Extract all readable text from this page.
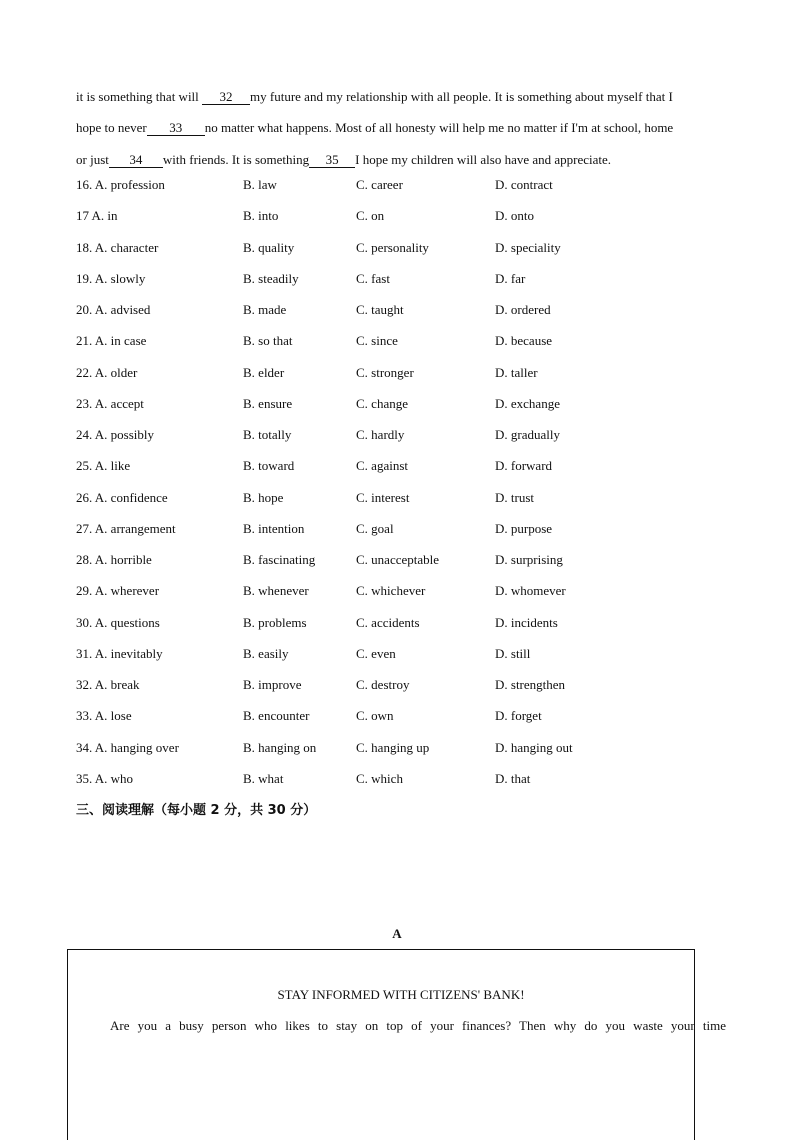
it is something that will 32 my future and my relationship with all people. It is something about myself that I

hope to never 33 no matter what happens. Most of all honesty will help me no matter if I'm at school, home

or just 34 with friends. It is something 35 I hope my children will also have and appreciate.

16. A. profession	B. law	C. career	D. contract
17 A. in	B. into	C. on	D. onto
18. A. character	B. quality	C. personality	D. speciality
19. A. slowly	B. steadily	C. fast	D. far
20. A. advised	B. made	C. taught	D. ordered
21. A. in case	B. so that	C. since	D. because
22. A. older	B. elder	C. stronger	D. taller
23. A. accept	B. ensure	C. change	D. exchange
24. A. possibly	B. totally	C. hardly	D. gradually
25. A. like	B. toward	C. against	D. forward
26. A. confidence	B. hope	C. interest	D. trust
27. A. arrangement	B. intention	C. goal	D. purpose
28. A. horrible	B. fascinating	C. unacceptable	D. surprising
29. A. wherever	B. whenever	C. whichever	D. whomever
30. A. questions	B. problems	C. accidents	D. incidents
31. A. inevitably	B. easily	C. even	D. still
32. A. break	B. improve	C. destroy	D. strengthen
33. A. lose	B. encounter	C. own	D. forget
34. A. hanging over	B. hanging on	C. hanging up	D. hanging out
35. A. who	B. what	C. which	D. that
三、阅读理解（每小题 2 分，共 30 分）
A
STAY INFORMED WITH CITIZENS' BANK!
Are you a busy person who likes to stay on top of your finances? Then why do you waste your time
